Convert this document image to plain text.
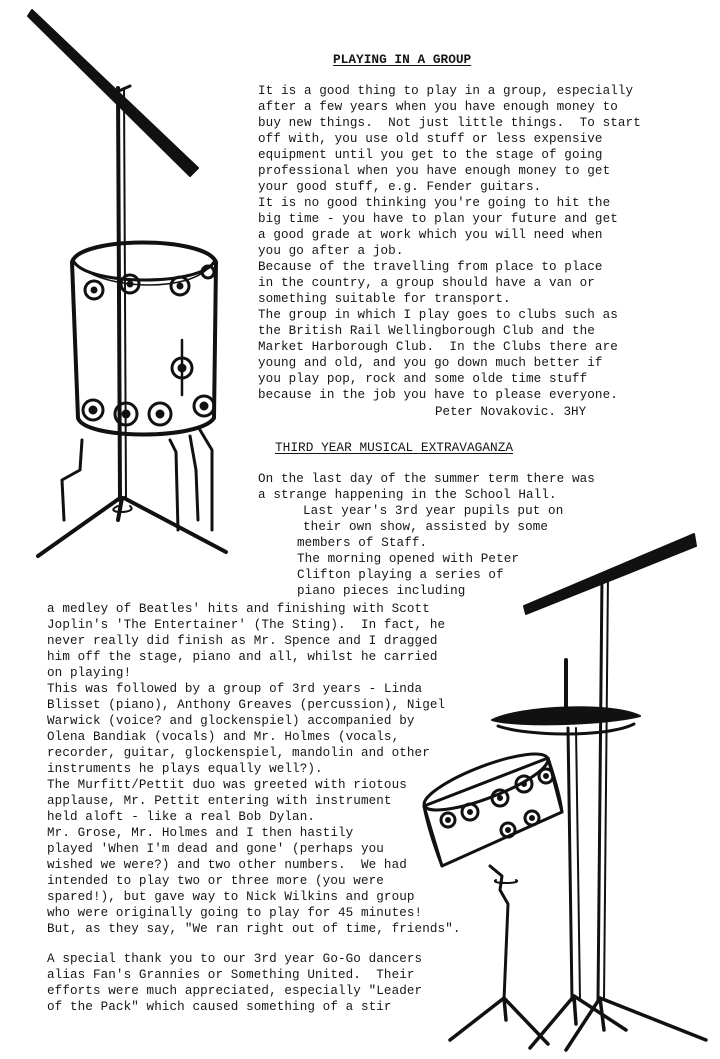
PLAYING IN A GROUP
It is a good thing to play in a group, especially
after a few years when you have enough money to
buy new things.  Not just little things.  To start
off with, you use old stuff or less expensive
equipment until you get to the stage of going
professional when you have enough money to get
your good stuff, e.g. Fender guitars.
It is no good thinking you're going to hit the
big time - you have to plan your future and get
a good grade at work which you will need when
you go after a job.
Because of the travelling from place to place
in the country, a group should have a van or
something suitable for transport.
The group in which I play goes to clubs such as
the British Rail Wellingborough Club and the
Market Harborough Club.  In the Clubs there are
young and old, and you go down much better if
you play pop, rock and some olde time stuff
because in the job you have to please everyone.
Peter Novakovic. 3HY
THIRD YEAR MUSICAL EXTRAVAGANZA
On the last day of the summer term there was
a strange happening in the School Hall.
Last year's 3rd year pupils put on
their own show, assisted by some
members of Staff.
The morning opened with Peter
Clifton playing a series of
piano pieces including
a medley of Beatles' hits and finishing with Scott
Joplin's 'The Entertainer' (The Sting).  In fact, he
never really did finish as Mr. Spence and I dragged
him off the stage, piano and all, whilst he carried
on playing!
This was followed by a group of 3rd years - Linda
Blisset (piano), Anthony Greaves (percussion), Nigel
Warwick (voice? and glockenspiel) accompanied by
Olena Bandiak (vocals) and Mr. Holmes (vocals,
recorder, guitar, glockenspiel, mandolin and other
instruments he plays equally well?).
The Murfitt/Pettit duo was greeted with riotous
applause, Mr. Pettit entering with instrument
held aloft - like a real Bob Dylan.
Mr. Grose, Mr. Holmes and I then hastily
played 'When I'm dead and gone' (perhaps you
wished we were?) and two other numbers.  We had
intended to play two or three more (you were
spared!), but gave way to Nick Wilkins and group
who were originally going to play for 45 minutes!
But, as they say, "We ran right out of time, friends".
A special thank you to our 3rd year Go-Go dancers
alias Fan's Grannies or Something United.  Their
efforts were much appreciated, especially "Leader
of the Pack" which caused something of a stir
